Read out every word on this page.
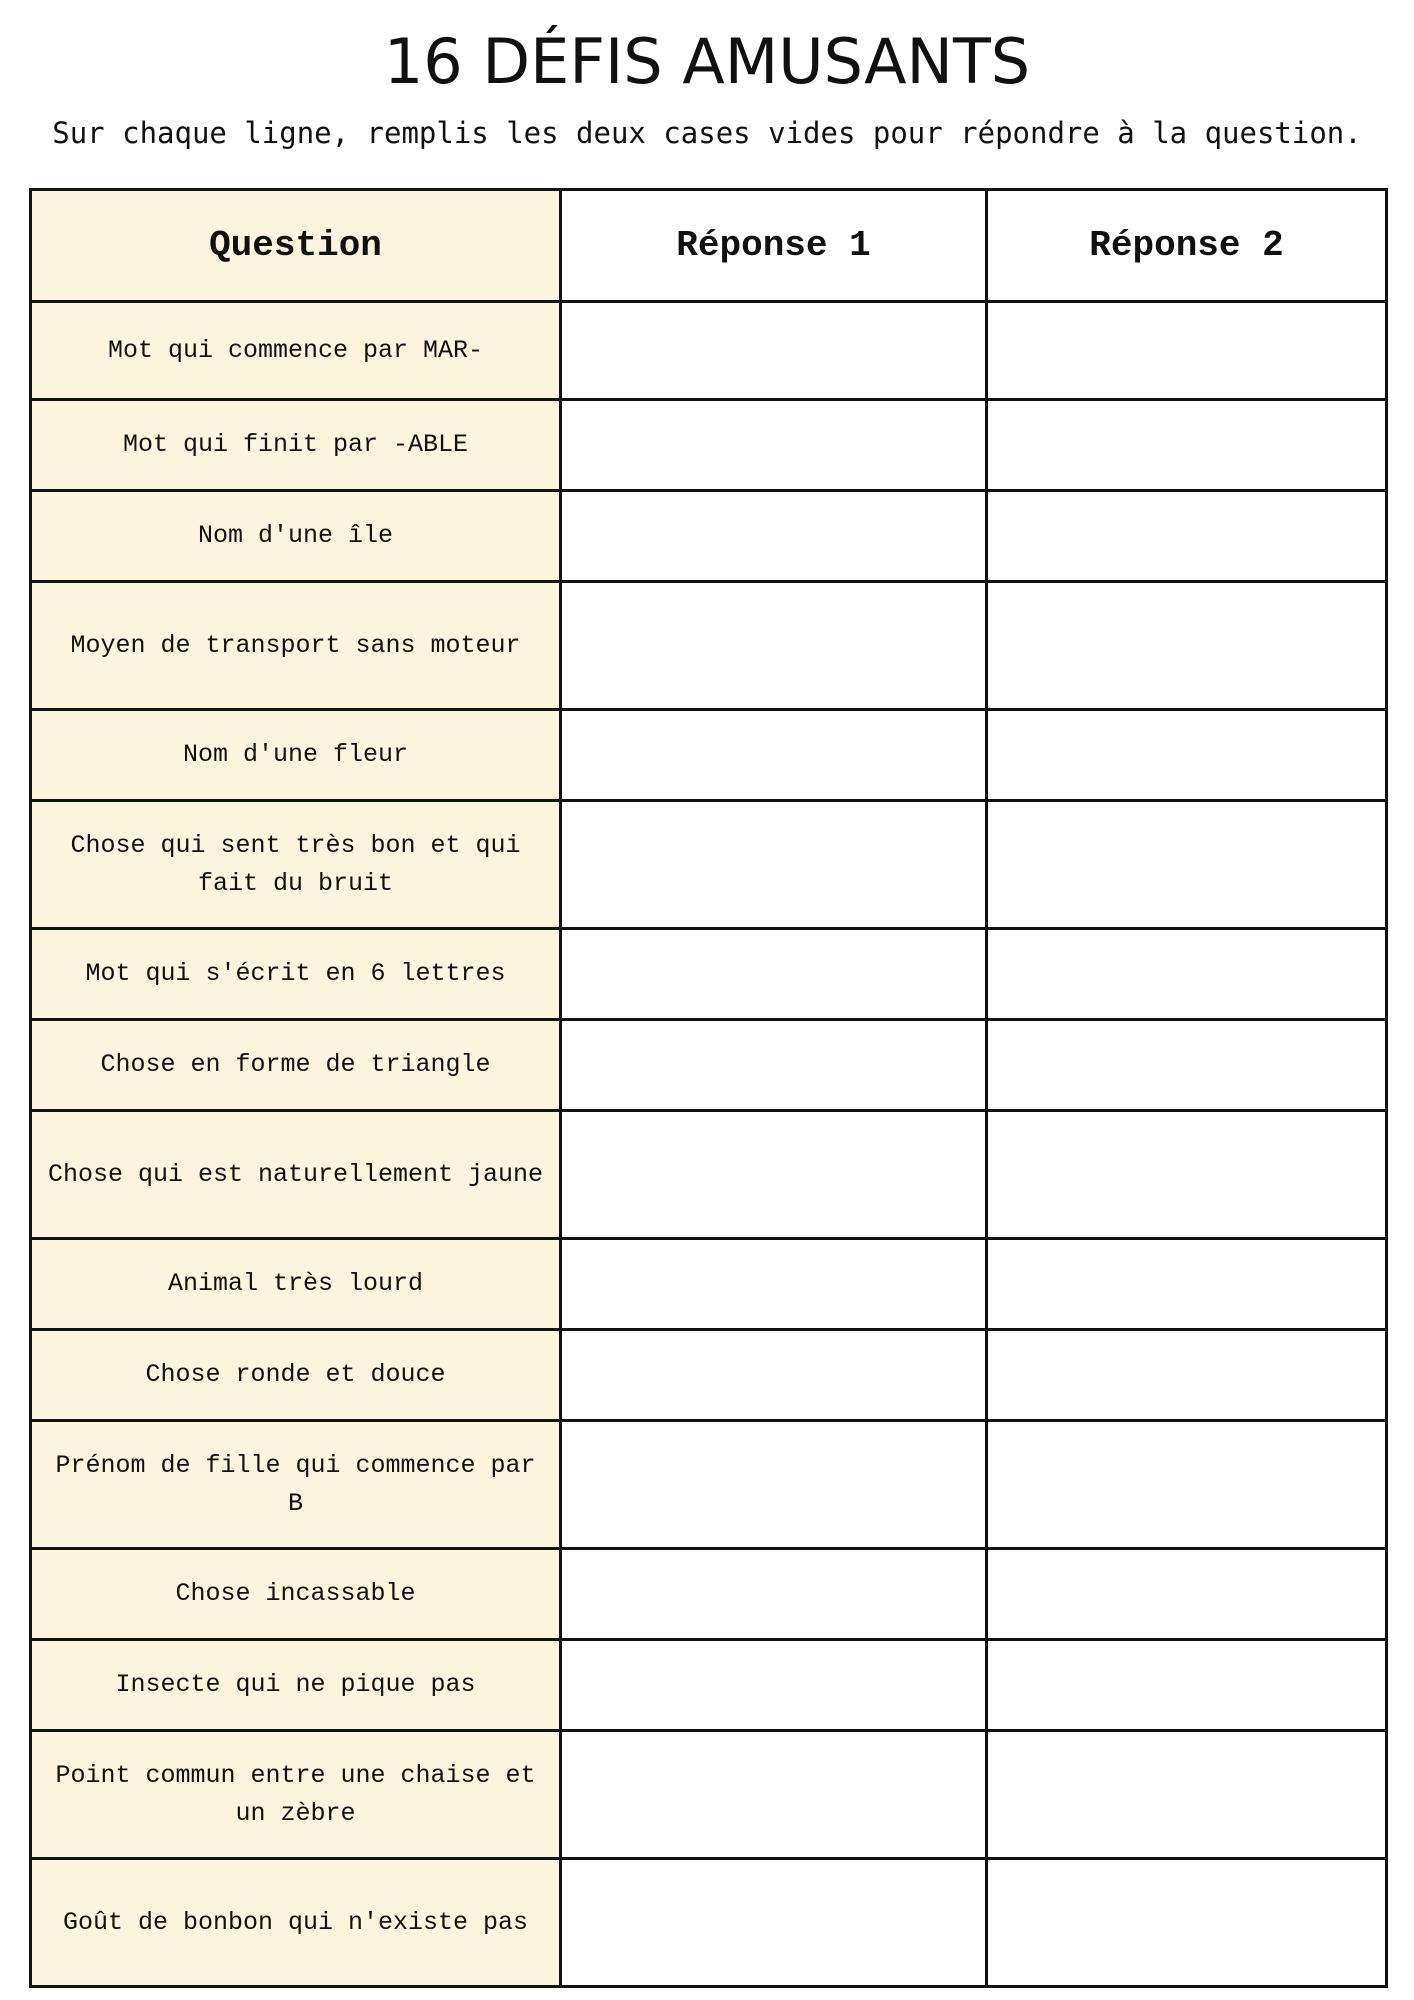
16 DÉFIS AMUSANTS

Sur chaque ligne, remplis les deux cases vides pour répondre à la question.

Question	Réponse 1	Réponse 2
Mot qui commence par MAR-		
Mot qui finit par -ABLE		
Nom d'une île		
Moyen de transport sans moteur		
Nom d'une fleur		
Chose qui sent très bon et qui fait du bruit		
Mot qui s'écrit en 6 lettres		
Chose en forme de triangle		
Chose qui est naturellement jaune		
Animal très lourd		
Chose ronde et douce		
Prénom de fille qui commence par B		
Chose incassable		
Insecte qui ne pique pas		
Point commun entre une chaise et un zèbre		
Goût de bonbon qui n'existe pas		
